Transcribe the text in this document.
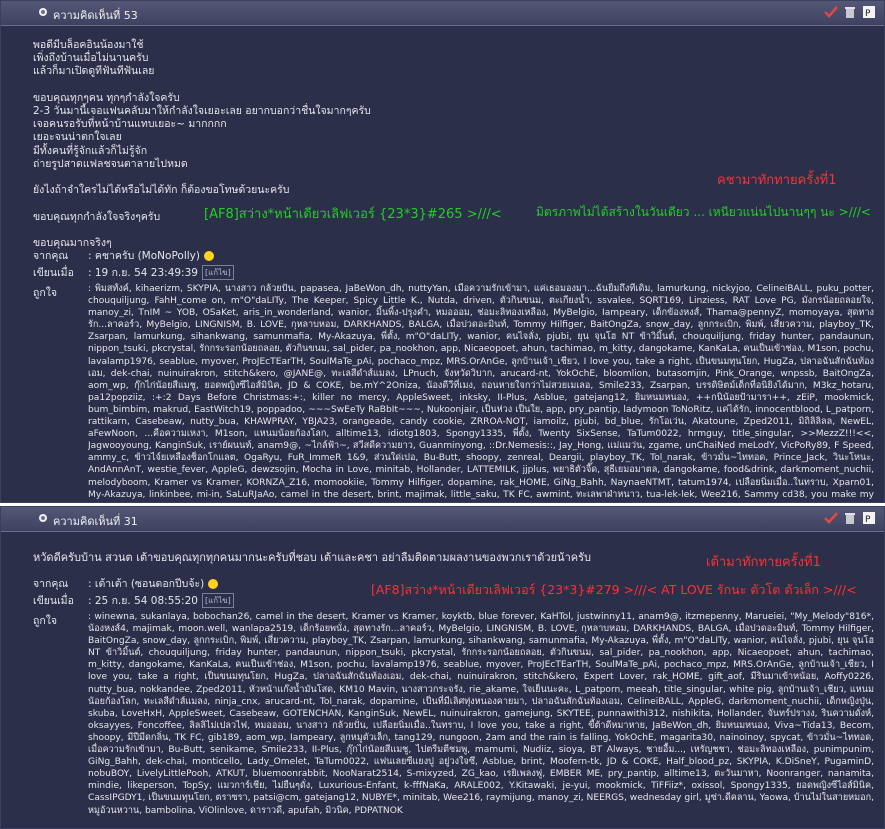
ความคิดเห็นที่ 53	P
พอดีมีบล็อคอินน้องมาใช้
เพิ่งถึงบ้านเมื่อไม่นานครับ
แล้วก็มาเปิดดูทีฟันทีฟันเลย
ขอบคุณทุกๆคน ทุกๆกำลังใจครับ
2-3 วันมานี้เจอแฟนคลับมาให้กำลังใจเยอะเลย อยากบอกว่าชื่นใจมากๆครับ
เจอคนรอรับที่หน้าบ้านแทบเยอะ~ มากกกก
เยอะจนน่าตกใจเลย
มีทั้งคนที่รู้จักแล้วก็ไม่รู้จัก
ถ่ายรูปสาดแฟลชจนตาลายไปหมด
ยังไงถ้าจำใครไม่ได้หรือไม่ได้ทัก ก็ต้องขอโทษด้วยนะครับ
ขอบคุณทุกกำลังใจจริงๆครับ
ขอบคุณมากจริงๆ
คชามาทักทายครั้งที่1
[AF8]สว่าง*หน้าเดียวเลิฟเวอร์ {23*3}#265 >///<	มิตรภาพไม่ได้สร้างในวันเดียว ... เหนียวแน่นไปนานๆๆ นะ >///<
จากคุณ	: คชาครับ (MoNoPolly)
เขียนเมื่อ	: 19 ก.ย. 54 23:49:39 [แก้ไข]
ถูกใจ	: พิมสทั้งค์, kihaerizm, SKYPIA, นางสาว กล้วยปั่น, papasea, JaBeWon_dh, nuttyYan, เมื่อความรักเข้ามา, แค่เธอมองมา...ฉันยิ้มถึงที่เดิม, lamurkung, nickyjoo, CelineiBALL, puku_potter, chouquiljung, FahH_come on, m"O"daLITy, The Keeper, Spicy Little K., Nutda, driven, ตัวกินขนม, ตะเกียงน้ำ, ssvalee, SQRT169, Linziess, RAT Love PG, มังกรน้อยถลอยใจ, manoy_zi, TnIM ~ YOB, OSaKet, aris_in_wonderland, wanior, มิ้นพิ้ง-ปรุงคำ, หมอออม, ช่อมะลิทองเหลือง, MyBelgio, Iampeary, เด็กข้องหงส์, Thama@pennyZ, momoyaya, สุดทางรัก...ลาคอร์ว, MyBelgio, LINGNISM, B. LOVE, กุหลาบหอม, DARKHANDS, BALGA, เมื่อปวดอะมินท์, Tommy Hilfiger, BaitOngZa, snow_day, ลูกกระเบิก, พิมพ์, เสี่ยวความ, playboy_TK, Zsarpan, lamurkung, sihankwang, samunmafia, My-Akazuya, พี่ตั้ง, m"O"daLITy, wanior, คนไจลั่ง, pjubi, ยุน จุนโฮ NT ข้าวิมิ้นต์, chouquiljung, friday hunter, pandaunun, nippon_tsuki, pkcrystal, รักกระรอกน้อยถลอย, ตัวกินขนม, sal_pider, pa_nookhon, app, Nicaeopoet, ahun, tachimao, m_kitty, dangokame, KanKaLa, คนเป็นเข้าช่อง, M1son, pochu, lavalamp1976, seablue, myover, ProJEcTEarTH, SoulMaTe_pAi, pochaco_mpz, MRS.OrAnGe, ลูกบ้านเจ้า_เชียว, I love you, take a right, เป็นขนมทุนโยก, HugZa, ปลาอฉันสักฉันท้องเอม, dek-chai, nuinuirakron, stitch&kero, @JANE@, ทะเลสีดำส์แมลง, LPnuch, จังหวัดวิบาก, arucard-nt, YokOchE, bloomlion, butasomjin, Pink_Orange, wnpssb, BaitOngZa, aom_wp, กุ๊กไก่น้อยสีแมชู, ยอดพญิงซีไอส์มินิค, JD & COKE, be.mY^2Oniza, น้องดีวีที่เมง, ถอนหายใจกว่าไม่สวยเมเลอ, Smile233, Zsarpan, บรรดิษิตม์เด็กที่อนิยิงได้มาก, M3kz_hotaru, pa12popziiz, :+:2 Days Before Christmas:+:, killer no mercy, AppleSweet, inksky, II-Plus, Asblue, gatejang12, ยิมหนมหนอง, ++กนิน้อยป้ามารา++, zEiP, mookmick, bum_bimbim, makrud, EastWitch19, poppadoo, ~~~SwEeTy RaBbIt~~~, Nukoonjair, เป็นห่วง เป็นใย, app, pry_pantip, ladymoon ToNoRitz, แค่ได้รัก, innocentblood, L_patporn, rattikarn, Casebeaw, nutty_bua, KHAWPRAY, YBJA23, orangeade, candy cookie, ZRROA-NOT, iamoilz, pjubi, bd_blue, รักโอเว่น, Akatoune, Zped2011, มิถิลิลิลล, NewEL, aFewNoon, ...คือความเหงา, M1son, แหนมน้อยก้องโลก, alltime13, idiotg1803, Spongy1335, พี่ตั้ง, Twenty SixSense, TaTum0022, hrmguy, title_singular, >>MezzZ!!!<<, Jagwooyoung, KanginSuk, เราย์ผนนท์, anam9@, ~ไกล์ฟ้า~, สวีสดีความยาว, Guanminyong, ::Dr.Nemesis::, Jay_Hong, แม่แมว่น, zgame, unChaiNed meLodY, VicPoRy89, F Speed, ammy_c, ข้าวไจ์ยเหลืองช็อกโกแลต, OgaRyu, FuR_ImmeR 1&9, ส่วนใด่เปอ, Bu-Butt, shoopy, zenreal, Deargii, playboy_TK, Tol_narak, ข้าวมั่น~ไททอด, Prince_Jack, วินะโหนะ, AndAnnAnT, westie_fever, AppleG, dewzsojin, Mocha in Love, minitab, Hollander, LATTEMILK, jjplus, พยาธิตัวจี๊ด, สุธีเยมอมาตล, dangokame, food&drink, darkmoment_nuchii, melodyboom, Kramer vs Kramer, KORNZA_Z16, momookiie, Tommy Hilfiger, dopamine, rak_HOME, GiNg_Bahh, NaynaeNTMT, tatum1974, เปลือยนิ่มเมื่อ..ในทราบ, Xparn01, My-Akazuya, linkinbee, mi-in, SaLuRJaAo, camel in the desert, brint, majimak, little_saku, TK FC, awmint, ทะเลพาฝ่าหนาว, tua-lek-lek, Wee216, Sammy cd38, you make my
ความคิดเห็นที่ 31	P
หวัดดีครับบ้าน สวนต เต้าขอบคุณทุกทุกคนมากนะครับที่ชอบ เต้าและคชา อย่าลืมติดตามผลงานของพวกเราด้วยน้าครับ	เต้ามาทักทายครั้งที่1
[AF8]สว่าง*หน้าเดียวเลิฟเวอร์ {23*3}#279 >///< AT LOVE รักนะ ตัวโต ตัวเล็ก >///<
จากคุณ	: เต้าเต้า (ซอนดอกปีบจ้ะ)
เขียนเมื่อ	: 25 ก.ย. 54 08:55:20 [แก้ไข]
ถูกใจ	: winewna, sukanlaya, bobochan26, camel in the desert, Kramer vs Kramer, koyktb, blue forever, KaHTol, justwinny11, anam9@, itzmepenny, Marueiei, "My_Melody"816*, น้องหงส์4, majimak, moon.well, wanlapa2519, เด็กร้อยพนั่ง, สุดทางรัก...ลาคอร์ว, MyBelgio, LINGNISM, B. LOVE, กุหลาบหอม, DARKHANDS, BALGA, เมื่อปวดอะมินท์, Tommy Hilfiger, BaitOngZa, snow_day, ลูกกระเบิก, พิมพ์, เสี่ยวความ, playboy_TK, Zsarpan, lamurkung, sihankwang, samunmafia, My-Akazuya, พี่ตั้ง, m"O"daLITy, wanior, คนไจลั่ง, pjubi, ยุน จุนโฮ NT ข้าวิมิ้นต์, chouquiljung, friday hunter, pandaunun, nippon_tsuki, pkcrystal, รักกระรอกน้อยถลอย, ตัวกินขนม, sal_pider, pa_nookhon, app, Nicaeopoet, ahun, tachimao, m_kitty, dangokame, KanKaLa, คนเป็นเข้าช่อง, M1son, pochu, lavalamp1976, seablue, myover, ProJEcTEarTH, SoulMaTe_pAi, pochaco_mpz, MRS.OrAnGe, ลูกบ้านเจ้า_เชียว, I love you, take a right, เป็นขนมทุนโยก, HugZa, ปลาอฉันสักฉันท้องเอม, dek-chai, nuinuirakron, stitch&kero, Expert Lover, rak_HOME, gift_aof, มีรินมาเข้าหน้อย, Aoffy0226, nutty_bua, nokkandee, Zped2011, หัวหน้าแก๊งน้ำมันโสด, KM10 Mavin, นางสาวกระจรัง, rie_akame, ใจเย็นนะคะ, L_patporn, meeah, title_singular, white pig, ลูกบ้านเจ้า_เชียว, แหนมน้อยก้องโลก, ทะเลสีดำส์แมลง, ninja_cnx, arucard-nt, Tol_narak, dopamine, เป็นที่มีเลิศทุ่งหนองคายมา, ปลาอฉันสักฉันท้องเอม, CelineiBALL, AppleG, darkmoment_nuchii, เด็กหญิงปุ่น, skuba, LoveHxH, AppleSweet, Casebeaw, GOTENCHAN, KanginSuk, NewEL, nuinuirakron, gamejung, SKYTEE, punnawithi312, nishikita, Hollander, จันทร์ปรางง, รินความดั่งห์, oksayyes, Foncoffee, ลิลลิไม่เปลวไฟ, หมอออม, นางสาว กล้วยปั่น, เปลือยนิ่มเมื่อ..ในทราบ, I love you, take a right, ขี้ต้าดีหมาหาย, JaBeWon_dh, ยิมหนมหนอง, Viva~Tida13, Becom, shoopy, มีปีมีดกลิ่น, TK FC, gib189, aom_wp, Iampeary, ลูกหมูตัวเล็ก, tang129, nungoon, 2am and the rain is falling, YokOchE, magarita30, nainoinoy, spycat, ข้าวมั่น~ไททอด, เมื่อความรักเข้ามา, Bu-Butt, senikame, Smile233, II-Plus, กุ๊กไก่น้อยสีแมชู, ไปตรีมตีชมพู, mamumi, Nudiiz, sioya, BT Always, ชายอื้ม..., เหรัญชชา, ช่อมะลิทองเหลือง, punimpunim, GiNg_Bahh, dek-chai, monticello, Lady_Omelet, TaTum0022, แฟนเลยซีแยงปู อยู่วงใจซึ, Asblue, brint, Moofern-tk, JD & COKE, Half_blood_pz, SKYPIA, K.DiSneY, PugaminD, nobuBOY, LivelyLittlePooh, ATKUT, bluemoonrabbit, NooNarat2514, S-mixyzed, ZG_kao, เรยิเพลงฟู, EMBER ME, pry_pantip, alltime13, ตะวันมาหา, Noonranger, nanamita, mindie, likeperson, TopSy, แมวการ์เชีย, ไม่ยืนๆดั่ง, Luxurious-Enfant, k-fffNaKa, ARALE002, Y.Kitawaki, je-yui, mookmick, TiFFiiz*, oxissol, Spongy1335, ยอดพญิงซีไอส์มินิค, CassIPGDY1, เป็นขนมทุนโยก, ตราซรา, patsi@cm, gatejang12, NUBYE*, minitab, Wee216, raymijung, manoy_zi, NEERGS, wednesday girl, มูซ่า.ดีคลาน, Yaowa, บ้านไม่ในสายหมอก, หมูอ้วนหวาน, bambolina, ViOlinlove, ดาราวดี, apufah, มิวนิค, PDPATNOK
